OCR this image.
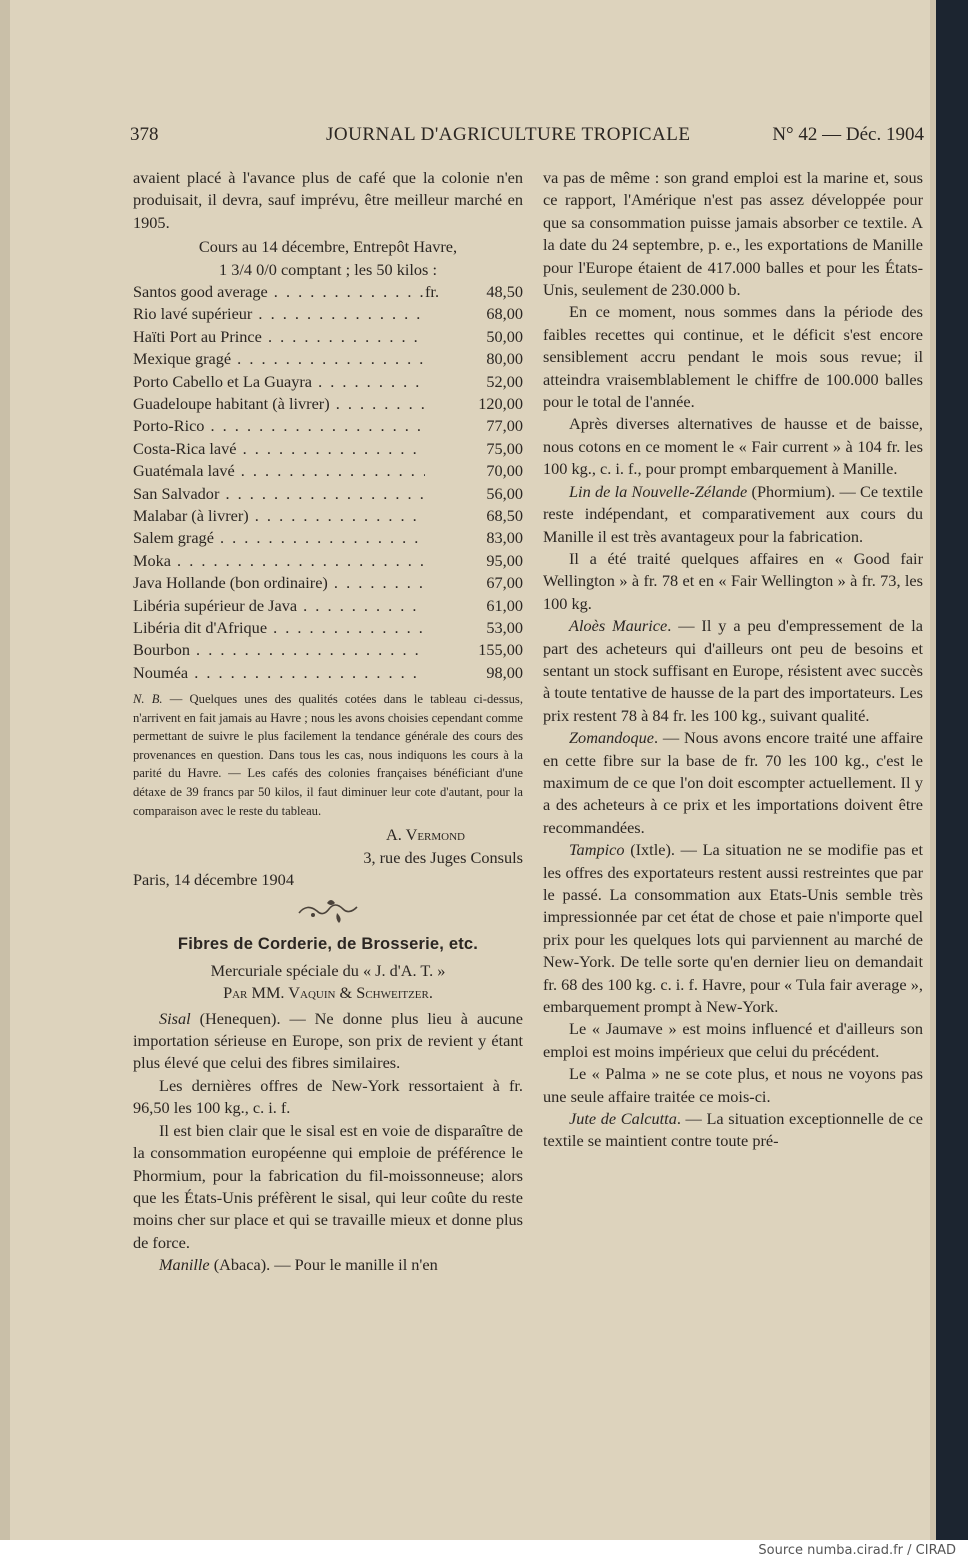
378	JOURNAL D'AGRICULTURE TROPICALE	N° 42 — Déc. 1904

avaient placé à l'avance plus de café que la colonie n'en produisait, il devra, sauf imprévu, être meilleur marché en 1905.

Cours au 14 décembre, Entrepôt Havre,

1 3/4 0/0 comptant ; les 50 kilos :

Santos good average . . .	fr.	48,50
Rio lavé supérieur . . .	68,00
Haïti Port au Prince . . .	50,00
Mexique gragé . . .	80,00
Porto Cabello et La Guayra . . .	52,00
Guadeloupe habitant (à livrer) . . .	120,00
Porto-Rico . . .	77,00
Costa-Rica lavé . . .	75,00
Guatémala lavé . . .	70,00
San Salvador . . .	56,00
Malabar (à livrer) . . .	68,50
Salem gragé . . .	83,00
Moka . . .	95,00
Java Hollande (bon ordinaire) . . .	67,00
Libéria supérieur de Java . . .	61,00
Libéria dit d'Afrique . . .	53,00
Bourbon . . .	155,00
Nouméa . . .	98,00

N. B. — Quelques unes des qualités cotées dans le tableau ci-dessus, n'arrivent en fait jamais au Havre ; nous les avons choisies cependant comme permettant de suivre le plus facilement la tendance générale des cours des provenances en question. Dans tous les cas, nous indiquons les cours à la parité du Havre. — Les cafés des colonies françaises bénéficiant d'une détaxe de 39 francs par 50 kilos, il faut diminuer leur cote d'autant, pour la comparaison avec le reste du tableau.

A. Vermond

3, rue des Juges Consuls

Paris, 14 décembre 1904

Fibres de Corderie, de Brosserie, etc.

Mercuriale spéciale du « J. d'A. T. »

Par MM. Vaquin & Schweitzer.

Sisal (Henequen). — Ne donne plus lieu à aucune importation sérieuse en Europe, son prix de revient y étant plus élevé que celui des fibres similaires.

Les dernières offres de New-York ressortaient à fr. 96,50 les 100 kg., c. i. f.

Il est bien clair que le sisal est en voie de disparaître de la consommation européenne qui emploie de préférence le Phormium, pour la fabrication du fil-moissonneuse; alors que les États-Unis préfèrent le sisal, qui leur coûte du reste moins cher sur place et qui se travaille mieux et donne plus de force.

Manille (Abaca). — Pour le manille il n'en

va pas de même : son grand emploi est la marine et, sous ce rapport, l'Amérique n'est pas assez développée pour que sa consommation puisse jamais absorber ce textile. A la date du 24 septembre, p. e., les exportations de Manille pour l'Europe étaient de 417.000 balles et pour les États-Unis, seulement de 230.000 b.

En ce moment, nous sommes dans la période des faibles recettes qui continue, et le déficit s'est encore sensiblement accru pendant le mois sous revue; il atteindra vraisemblablement le chiffre de 100.000 balles pour le total de l'année.

Après diverses alternatives de hausse et de baisse, nous cotons en ce moment le « Fair current » à 104 fr. les 100 kg., c. i. f., pour prompt embarquement à Manille.

Lin de la Nouvelle-Zélande (Phormium). — Ce textile reste indépendant, et comparativement aux cours du Manille il est très avantageux pour la fabrication.

Il a été traité quelques affaires en « Good fair Wellington » à fr. 78 et en « Fair Wellington » à fr. 73, les 100 kg.

Aloès Maurice. — Il y a peu d'empressement de la part des acheteurs qui d'ailleurs ont peu de besoins et sentant un stock suffisant en Europe, résistent avec succès à toute tentative de hausse de la part des importateurs. Les prix restent 78 à 84 fr. les 100 kg., suivant qualité.

Zomandoque. — Nous avons encore traité une affaire en cette fibre sur la base de fr. 70 les 100 kg., c'est le maximum de ce que l'on doit escompter actuellement. Il y a des acheteurs à ce prix et les importations doivent être recommandées.

Tampico (Ixtle). — La situation ne se modifie pas et les offres des exportateurs restent aussi restreintes que par le passé. La consommation aux Etats-Unis semble très impressionnée par cet état de chose et paie n'importe quel prix pour les quelques lots qui parviennent au marché de New-York. De telle sorte qu'en dernier lieu on demandait fr. 68 des 100 kg. c. i. f. Havre, pour « Tula fair average », embarquement prompt à New-York.

Le « Jaumave » est moins influencé et d'ailleurs son emploi est moins impérieux que celui du précédent.

Le « Palma » ne se cote plus, et nous ne voyons pas une seule affaire traitée ce mois-ci.

Jute de Calcutta. — La situation exceptionnelle de ce textile se maintient contre toute pré-

Source numba.cirad.fr / CIRAD
